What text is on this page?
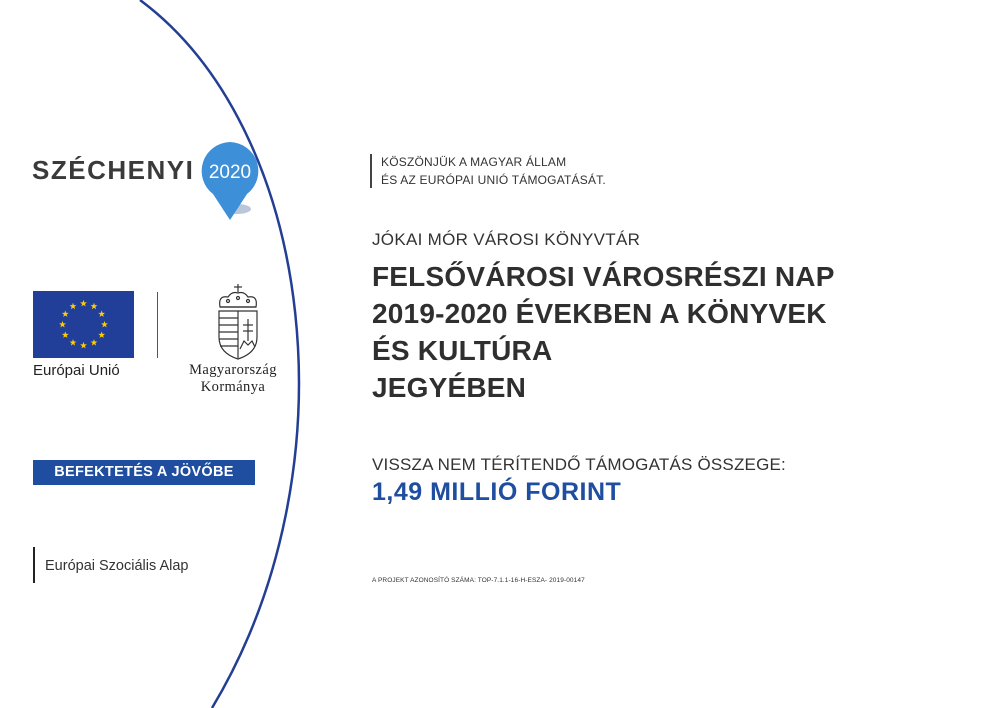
SZÉCHENYI 2020
Európai Unió	Magyarország
Kormánya
BEFEKTETÉS A JÖVŐBE
Európai Szociális Alap
KÖSZÖNJÜK A MAGYAR ÁLLAM
ÉS AZ EURÓPAI UNIÓ TÁMOGATÁSÁT.
JÓKAI MÓR VÁROSI KÖNYVTÁR
FELSŐVÁROSI VÁROSRÉSZI NAP
2019-2020 ÉVEKBEN A KÖNYVEK
ÉS KULTÚRA
JEGYÉBEN
VISSZA NEM TÉRÍTENDŐ TÁMOGATÁS ÖSSZEGE:
1,49 MILLIÓ FORINT
A PROJEKT AZONOSÍTÓ SZÁMA: TOP-7.1.1-16-H-ESZA- 2019-00147
